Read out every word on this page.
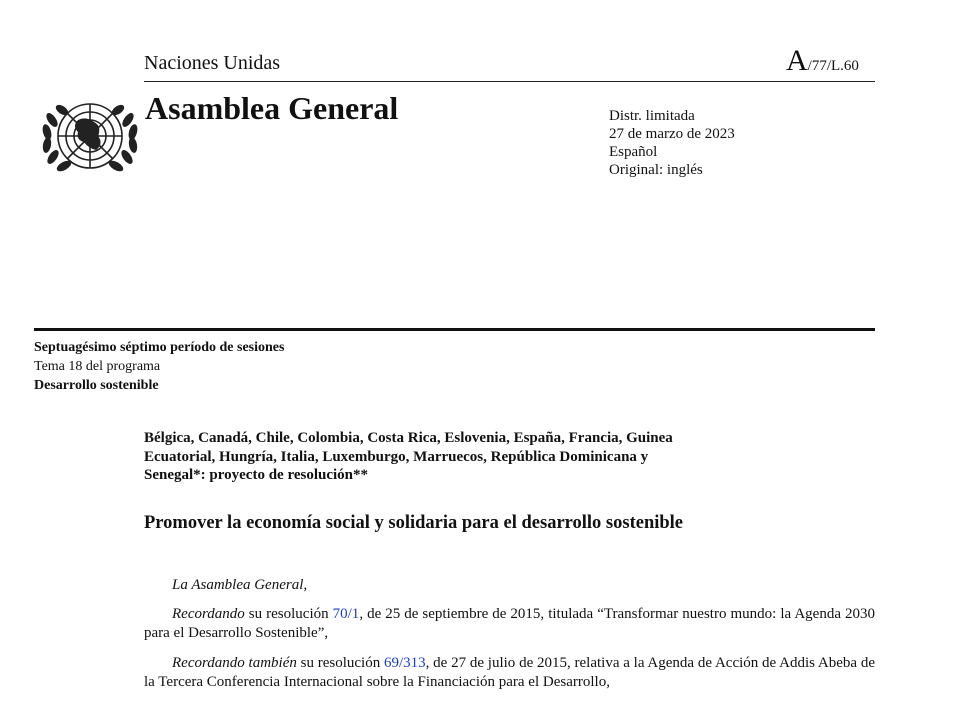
Naciones Unidas	A/77/L.60
Asamblea General	Distr. limitada
27 de marzo de 2023
Español
Original: inglés
Septuagésimo séptimo período de sesiones
Tema 18 del programa
Desarrollo sostenible
Bélgica, Canadá, Chile, Colombia, Costa Rica, Eslovenia, España, Francia, Guinea Ecuatorial, Hungría, Italia, Luxemburgo, Marruecos, República Dominicana y Senegal*: proyecto de resolución**
Promover la economía social y solidaria para el desarrollo sostenible

La Asamblea General,

Recordando su resolución 70/1, de 25 de septiembre de 2015, titulada “Transformar nuestro mundo: la Agenda 2030 para el Desarrollo Sostenible”,

Recordando también su resolución 69/313, de 27 de julio de 2015, relativa a la Agenda de Acción de Addis Abeba de la Tercera Conferencia Internacional sobre la Financiación para el Desarrollo,
